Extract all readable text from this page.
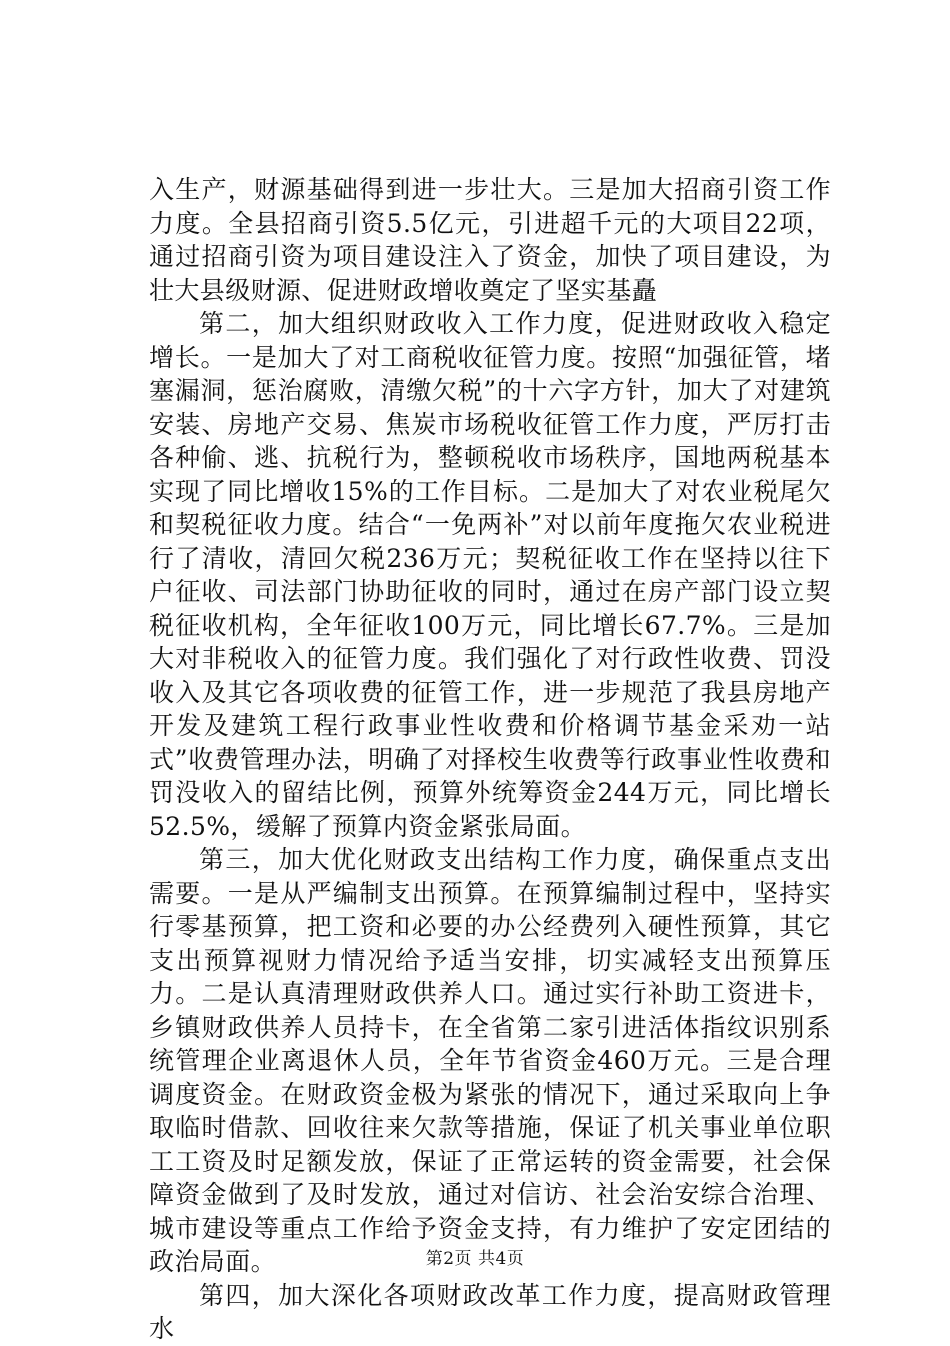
入生产，财源基础得到进一步壮大。三是加大招商引资工作力度。全县招商引资5.5亿元，引进超千元的大项目22项，通过招商引资为项目建设注入了资金，加快了项目建设，为壮大县级财源、促进财政增收奠定了坚实基矗

第二，加大组织财政收入工作力度，促进财政收入稳定增长。一是加大了对工商税收征管力度。按照“加强征管，堵塞漏洞，惩治腐败，清缴欠税”的十六字方针，加大了对建筑安装、房地产交易、焦炭市场税收征管工作力度，严厉打击各种偷、逃、抗税行为，整顿税收市场秩序，国地两税基本实现了同比增收15%的工作目标。二是加大了对农业税尾欠和契税征收力度。结合“一免两补”对以前年度拖欠农业税进行了清收，清回欠税236万元；契税征收工作在坚持以往下户征收、司法部门协助征收的同时，通过在房产部门设立契税征收机构，全年征收100万元，同比增长67.7%。三是加大对非税收入的征管力度。我们强化了对行政性收费、罚没收入及其它各项收费的征管工作，进一步规范了我县房地产开发及建筑工程行政事业性收费和价格调节基金采劝一站式”收费管理办法，明确了对择校生收费等行政事业性收费和罚没收入的留结比例，预算外统筹资金244万元，同比增长52.5%，缓解了预算内资金紧张局面。

第三，加大优化财政支出结构工作力度，确保重点支出需要。一是从严编制支出预算。在预算编制过程中，坚持实行零基预算，把工资和必要的办公经费列入硬性预算，其它支出预算视财力情况给予适当安排，切实减轻支出预算压力。二是认真清理财政供养人口。通过实行补助工资进卡，乡镇财政供养人员持卡，在全省第二家引进活体指纹识别系统管理企业离退休人员，全年节省资金460万元。三是合理调度资金。在财政资金极为紧张的情况下，通过采取向上争取临时借款、回收往来欠款等措施，保证了机关事业单位职工工资及时足额发放，保证了正常运转的资金需要，社会保障资金做到了及时发放，通过对信访、社会治安综合治理、城市建设等重点工作给予资金支持，有力维护了安定团结的政治局面。

第四，加大深化各项财政改革工作力度，提高财政管理水

第2页 共4页
